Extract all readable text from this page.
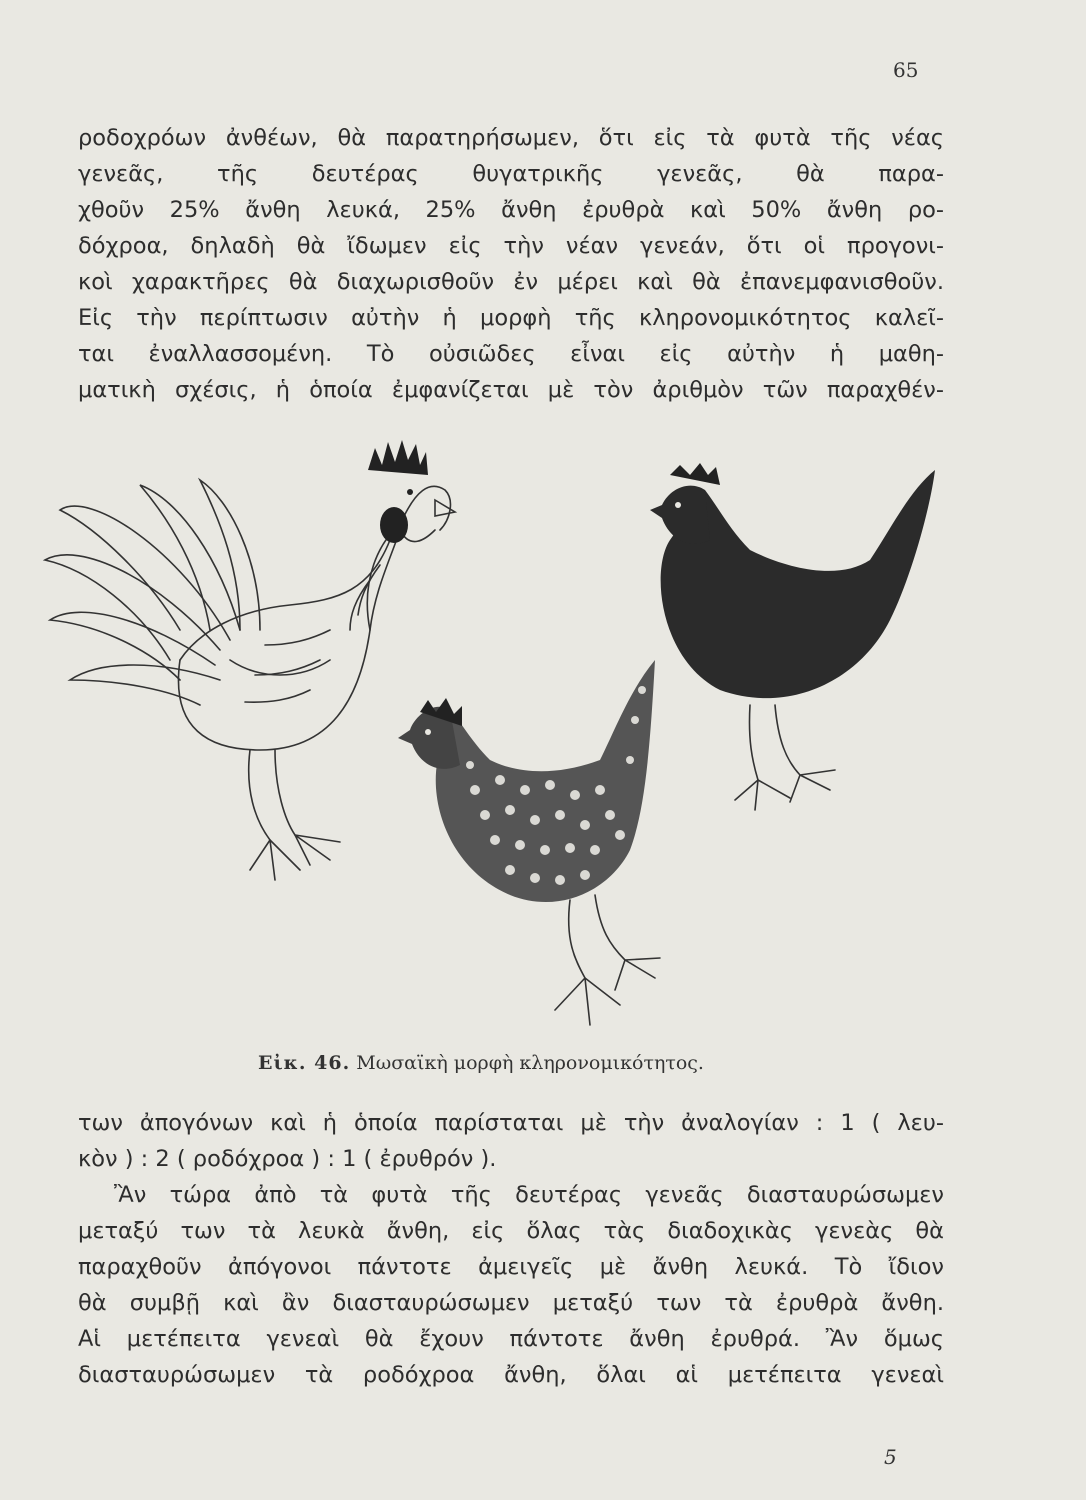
65
ροδοχρόων ἀνθέων, θὰ παρατηρήσωμεν, ὅτι εἰς τὰ φυτὰ τῆς νέας
γενεᾶς, τῆς δευτέρας θυγατρικῆς γενεᾶς, θὰ παρα-
χθοῦν 25% ἄνθη λευκά, 25% ἄνθη ἐρυθρὰ καὶ 50% ἄνθη ρο-
δόχροα, δηλαδὴ θὰ ἴδωμεν εἰς τὴν νέαν γενεάν, ὅτι οἱ προγονι-
κοὶ χαρακτῆρες θὰ διαχωρισθοῦν ἐν μέρει καὶ θὰ ἐπανεμφανισθοῦν.
Εἰς τὴν περίπτωσιν αὐτὴν ἡ μορφὴ τῆς κληρονομικότητος καλεῖ-
ται ἐναλλασσομένη. Τὸ οὐσιῶδες εἶναι εἰς αὐτὴν ἡ μαθη-
ματικὴ σχέσις, ἡ ὁποία ἐμφανίζεται μὲ τὸν ἀριθμὸν τῶν παραχθέν-
Εἰκ. 46. Μωσαϊκὴ μορφὴ κληρονομικότητος.
των ἀπογόνων καὶ ἡ ὁποία παρίσταται μὲ τὴν ἀναλογίαν : 1 ( λευ-
κὸν ) : 2 ( ροδόχροα ) : 1 ( ἐρυθρόν ).
Ἂν τώρα ἀπὸ τὰ φυτὰ τῆς δευτέρας γενεᾶς διασταυρώσωμεν
μεταξύ των τὰ λευκὰ ἄνθη, εἰς ὅλας τὰς διαδοχικὰς γενεὰς θὰ
παραχθοῦν ἀπόγονοι πάντοτε ἀμειγεῖς μὲ ἄνθη λευκά. Τὸ ἴδιον
θὰ συμβῇ καὶ ἂν διασταυρώσωμεν μεταξύ των τὰ ἐρυθρὰ ἄνθη.
Αἱ μετέπειτα γενεαὶ θὰ ἔχουν πάντοτε ἄνθη ἐρυθρά. Ἂν ὅμως
διασταυρώσωμεν τὰ ροδόχροα ἄνθη, ὅλαι αἱ μετέπειτα γενεαὶ
5
